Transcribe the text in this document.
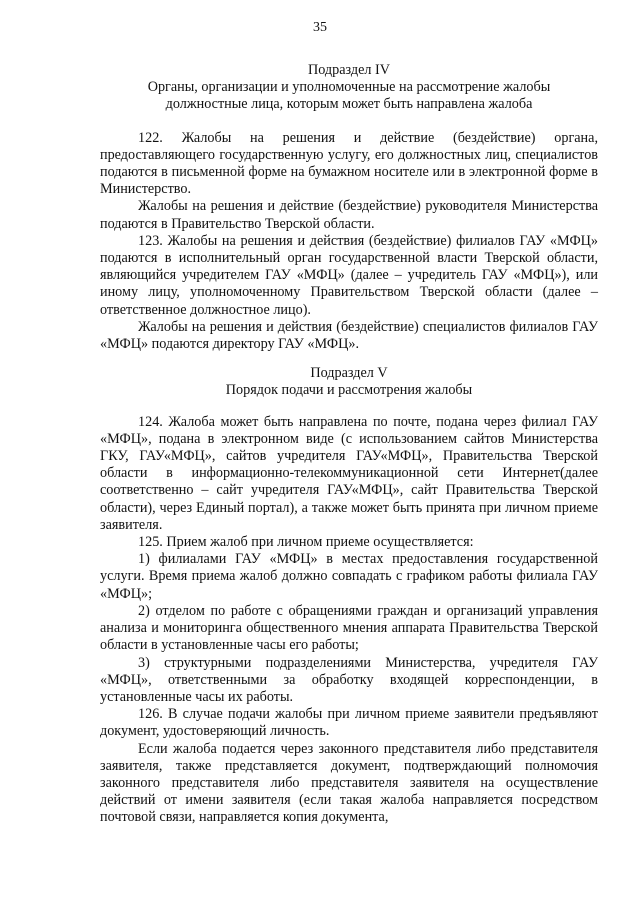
35
Подраздел IV
Органы, организации и уполномоченные на рассмотрение жалобы
должностные лица, которым может быть направлена жалоба

122. Жалобы на решения и действие (бездействие) органа, предоставляющего государственную услугу, его должностных лиц, специалистов подаются в письменной форме на бумажном носителе или в электронной форме в Министерство.

Жалобы на решения и действие (бездействие) руководителя Министерства подаются в Правительство Тверской области.

123. Жалобы на решения и действия (бездействие) филиалов ГАУ «МФЦ» подаются в исполнительный орган государственной власти Тверской области, являющийся учредителем ГАУ «МФЦ» (далее – учредитель ГАУ «МФЦ»), или иному лицу, уполномоченному Правительством Тверской области (далее – ответственное должностное лицо).

Жалобы на решения и действия (бездействие) специалистов филиалов ГАУ «МФЦ» подаются директору ГАУ «МФЦ».

Подраздел V
Порядок подачи и рассмотрения жалобы

124. Жалоба может быть направлена по почте, подана через филиал ГАУ «МФЦ», подана в электронном виде (с использованием сайтов Министерства ГКУ, ГАУ«МФЦ», сайтов учредителя ГАУ«МФЦ», Правительства Тверской области в информационно-телекоммуникационной сети Интернет(далее соответственно – сайт учредителя ГАУ«МФЦ», сайт Правительства Тверской области), через Единый портал), а также может быть принята при личном приеме заявителя.

125. Прием жалоб при личном приеме осуществляется:

1) филиалами ГАУ «МФЦ» в местах предоставления государственной услуги. Время приема жалоб должно совпадать с графиком работы филиала ГАУ «МФЦ»;

2) отделом по работе с обращениями граждан и организаций управления анализа и мониторинга общественного мнения аппарата Правительства Тверской области в установленные часы его работы;

3) структурными подразделениями Министерства, учредителя ГАУ «МФЦ», ответственными за обработку входящей корреспонденции, в установленные часы их работы.

126. В случае подачи жалобы при личном приеме заявители предъявляют документ, удостоверяющий личность.

Если жалоба подается через законного представителя либо представителя заявителя, также представляется документ, подтверждающий полномочия законного представителя либо представителя заявителя на осуществление действий от имени заявителя (если такая жалоба направляется посредством почтовой связи, направляется копия документа,
